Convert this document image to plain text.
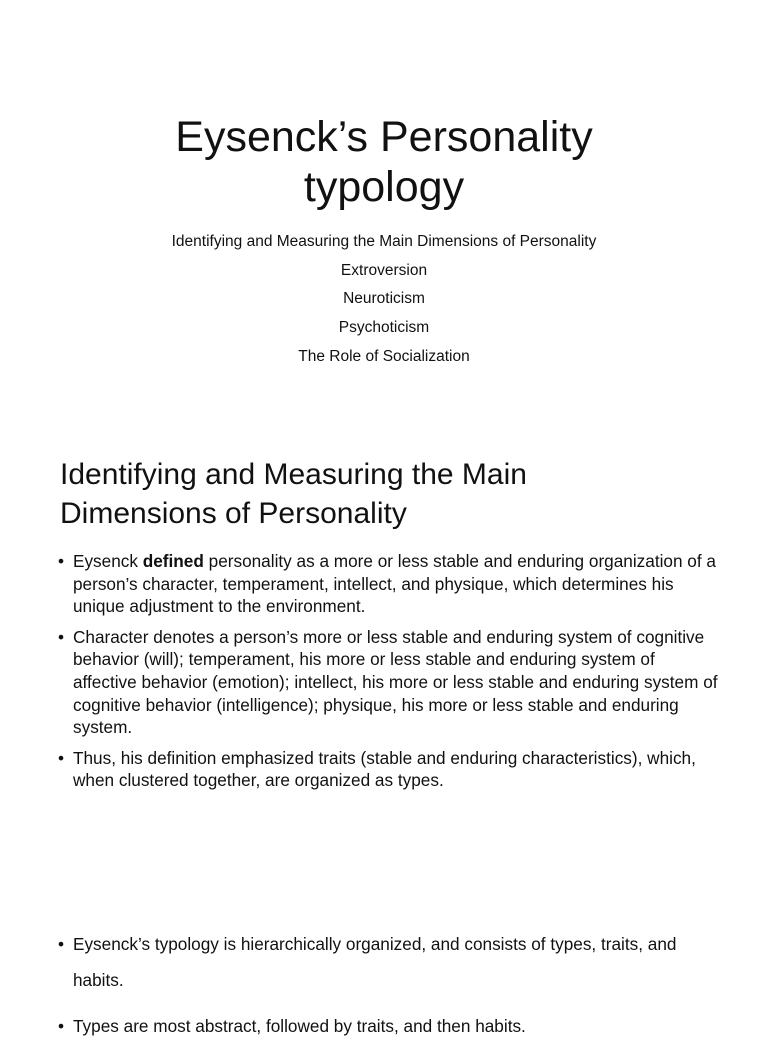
Eysenck’s Personality
typology
Identifying and Measuring the Main Dimensions of Personality
Extroversion
Neuroticism
Psychoticism
The Role of Socialization
Identifying and Measuring the Main
Dimensions of Personality
• Eysenck defined personality as a more or less stable and enduring organization of a person’s character, temperament, intellect, and physique, which determines his unique adjustment to the environment.
• Character denotes a person’s more or less stable and enduring system of cognitive behavior (will); temperament, his more or less stable and enduring system of affective behavior (emotion); intellect, his more or less stable and enduring system of cognitive behavior (intelligence); physique, his more or less stable and enduring system.
• Thus, his definition emphasized traits (stable and enduring characteristics), which, when clustered together, are organized as types.
• Eysenck’s typology is hierarchically organized, and consists of types, traits, and habits.
• Types are most abstract, followed by traits, and then habits.
